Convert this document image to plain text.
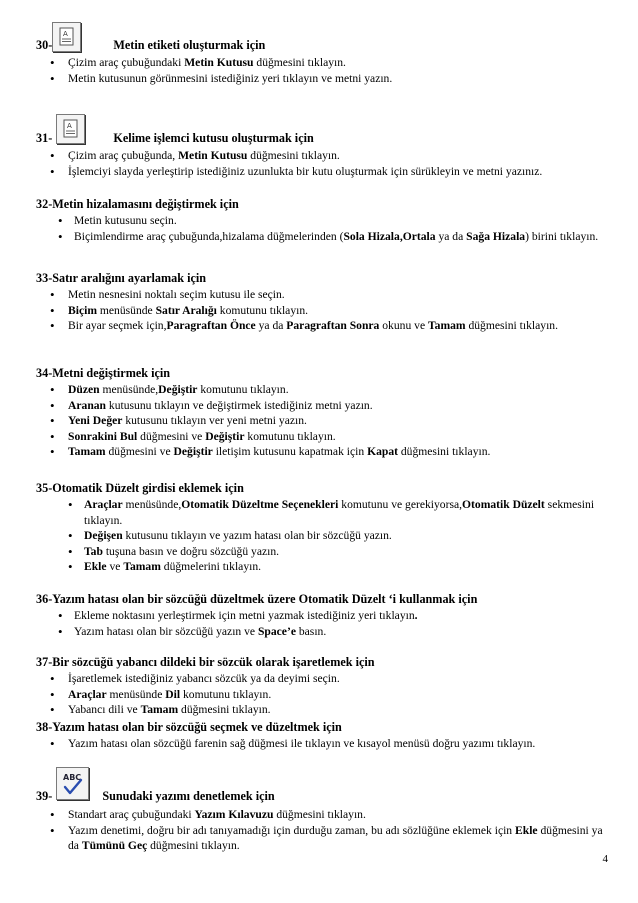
30-	Metin etiketi oluşturmak için
A
• Çizim araç çubuğundaki Metin Kutusu düğmesini tıklayın.
• Metin kutusunun görünmesini istediğiniz yeri tıklayın ve metni yazın.
31-	Kelime işlemci kutusu oluşturmak için
A
• Çizim araç çubuğunda, Metin Kutusu düğmesini tıklayın.
• İşlemciyi slayda yerleştirip istediğiniz uzunlukta bir kutu oluşturmak için sürükleyin ve metni yazınız.
32-Metin hizalamasını değiştirmek için
• Metin kutusunu seçin.
• Biçimlendirme araç çubuğunda,hizalama düğmelerinden (Sola Hizala,Ortala ya da Sağa Hizala) birini tıklayın.
33-Satır aralığını ayarlamak için
• Metin nesnesini noktalı seçim kutusu ile seçin.
• Biçim menüsünde Satır Aralığı komutunu tıklayın.
• Bir ayar seçmek için,Paragraftan Önce ya da Paragraftan Sonra okunu ve Tamam düğmesini tıklayın.
34-Metni değiştirmek için
• Düzen menüsünde,Değiştir komutunu tıklayın.
• Aranan kutusunu tıklayın ve değiştirmek istediğiniz metni yazın.
• Yeni Değer kutusunu tıklayın ver yeni metni yazın.
• Sonrakini Bul düğmesini ve Değiştir komutunu tıklayın.
• Tamam düğmesini ve Değiştir iletişim kutusunu kapatmak için Kapat düğmesini tıklayın.
35-Otomatik Düzelt girdisi eklemek için
• Araçlar menüsünde,Otomatik Düzeltme Seçenekleri komutunu ve gerekiyorsa,Otomatik Düzelt sekmesini tıklayın.
• Değişen kutusunu tıklayın ve yazım hatası olan bir sözcüğü yazın.
• Tab tuşuna basın ve doğru sözcüğü yazın.
• Ekle ve Tamam düğmelerini tıklayın.
36-Yazım hatası olan bir sözcüğü düzeltmek üzere Otomatik Düzelt ‘i kullanmak için
• Ekleme noktasını yerleştirmek için metni yazmak istediğiniz yeri tıklayın.
• Yazım hatası olan bir sözcüğü yazın ve Space’e basın.
37-Bir sözcüğü yabancı dildeki bir sözcük olarak işaretlemek için
• İşaretlemek istediğiniz yabancı sözcük ya da deyimi seçin.
• Araçlar menüsünde Dil komutunu tıklayın.
• Yabancı dili ve Tamam düğmesini tıklayın.
38-Yazım hatası olan bir sözcüğü seçmek ve düzeltmek için
• Yazım hatası olan sözcüğü farenin sağ düğmesi ile tıklayın ve kısayol menüsü doğru yazımı tıklayın.
39-	Sunudaki yazımı denetlemek için
ABC
• Standart araç çubuğundaki Yazım Kılavuzu düğmesini tıklayın.
• Yazım denetimi, doğru bir adı tanıyamadığı için durduğu zaman, bu adı sözlüğüne eklemek için Ekle düğmesini ya da Tümünü Geç düğmesini tıklayın.
4
